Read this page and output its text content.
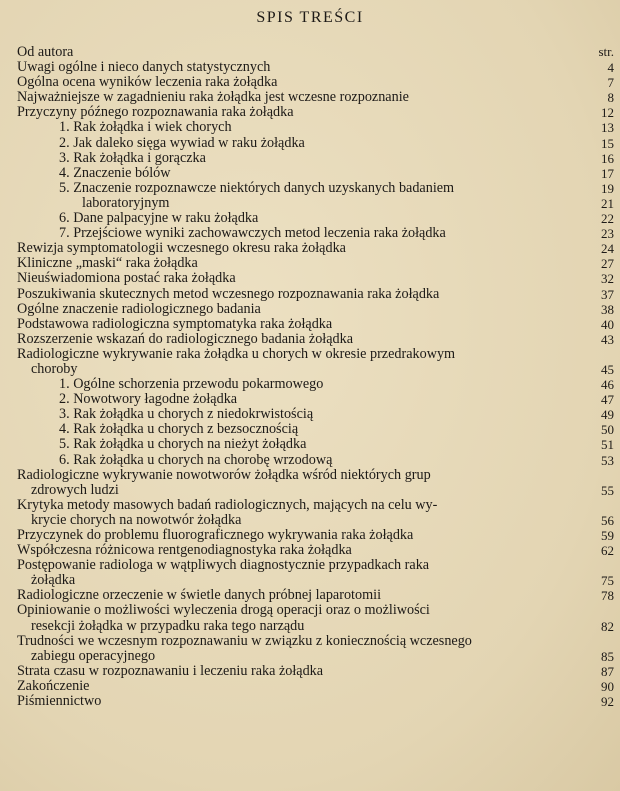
SPIS TREŚCI
str.
Od autora
Uwagi ogólne i nieco danych statystycznych	4
Ogólna ocena wyników leczenia raka żołądka	7
Najważniejsze w zagadnieniu raka żołądka jest wczesne rozpoznanie	8
Przyczyny późnego rozpoznawania raka żołądka	12
1. Rak żołądka i wiek chorych	13
2. Jak daleko sięga wywiad w raku żołądka	15
3. Rak żołądka i gorączka	16
4. Znaczenie bólów	17
5. Znaczenie rozpoznawcze niektórych danych uzyskanych badaniem	19
laboratoryjnym	21
6. Dane palpacyjne w raku żołądka	22
7. Przejściowe wyniki zachowawczych metod leczenia raka żołądka	23
Rewizja symptomatologii wczesnego okresu raka żołądka	24
Kliniczne „maski“ raka żołądka	27
Nieuświadomiona postać raka żołądka	32
Poszukiwania skutecznych metod wczesnego rozpoznawania raka żołądka	37
Ogólne znaczenie radiologicznego badania	38
Podstawowa radiologiczna symptomatyka raka żołądka	40
Rozszerzenie wskazań do radiologicznego badania żołądka	43
Radiologiczne wykrywanie raka żołądka u chorych w okresie przedrakowym
choroby	45
1. Ogólne schorzenia przewodu pokarmowego	46
2. Nowotwory łagodne żołądka	47
3. Rak żołądka u chorych z niedokrwistością	49
4. Rak żołądka u chorych z bezsocznością	50
5. Rak żołądka u chorych na nieżyt żołądka	51
6. Rak żołądka u chorych na chorobę wrzodową	53
Radiologiczne wykrywanie nowotworów żołądka wśród niektórych grup
zdrowych ludzi	55
Krytyka metody masowych badań radiologicznych, mających na celu wy-
krycie chorych na nowotwór żołądka	56
Przyczynek do problemu fluorograficznego wykrywania raka żołądka	59
Współczesna różnicowa rentgenodiagnostyka raka żołądka	62
Postępowanie radiologa w wątpliwych diagnostycznie przypadkach raka
żołądka	75
Radiologiczne orzeczenie w świetle danych próbnej laparotomii	78
Opiniowanie o możliwości wyleczenia drogą operacji oraz o możliwości
resekcji żołądka w przypadku raka tego narządu	82
Trudności we wczesnym rozpoznawaniu w związku z koniecznością wczesnego
zabiegu operacyjnego	85
Strata czasu w rozpoznawaniu i leczeniu raka żołądka	87
Zakończenie	90
Piśmiennictwo	92
